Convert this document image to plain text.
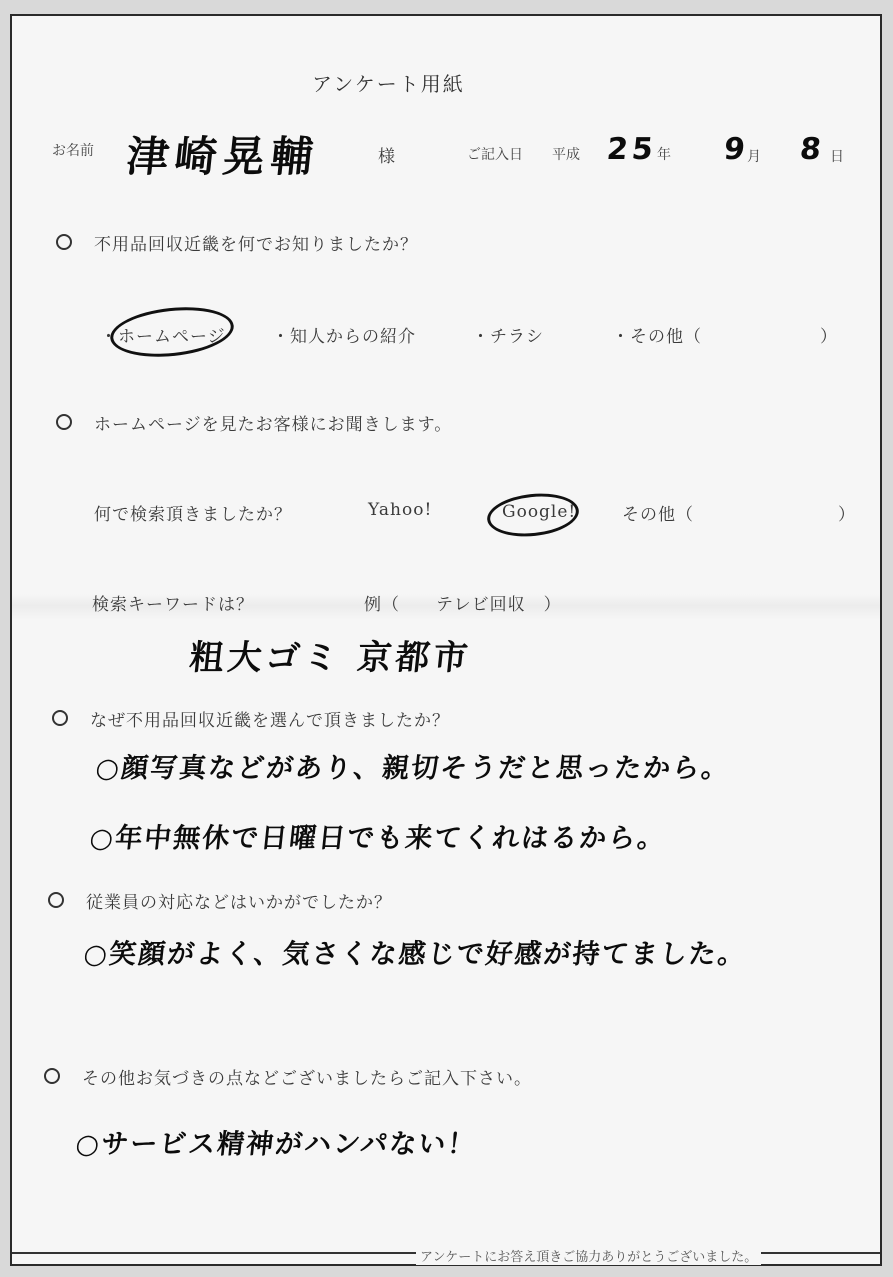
アンケート用紙
お名前 津崎晃輔	様	ご記入日 平成 25
年 9
月 8 日
不用品回収近畿を何でお知りましたか？
・ホームページ	・知人からの紹介	・チラシ	・その他（	）
ホームページを見たお客様にお聞きします。
何で検索頂きましたか？	Yahoo!	Google!	その他（	）
検索キーワードは？	例（　　テレビ回収　）
粗大ゴミ 京都市
なぜ不用品回収近畿を選んで頂きましたか？
○顔写真などがあり、親切そうだと思ったから。
○年中無休で日曜日でも来てくれはるから。
従業員の対応などはいかがでしたか？
○笑顔がよく、気さくな感じで好感が持てました。
その他お気づきの点などございましたらご記入下さい。
○サービス精神がハンパない！
アンケートにお答え頂きご協力ありがとうございました。
